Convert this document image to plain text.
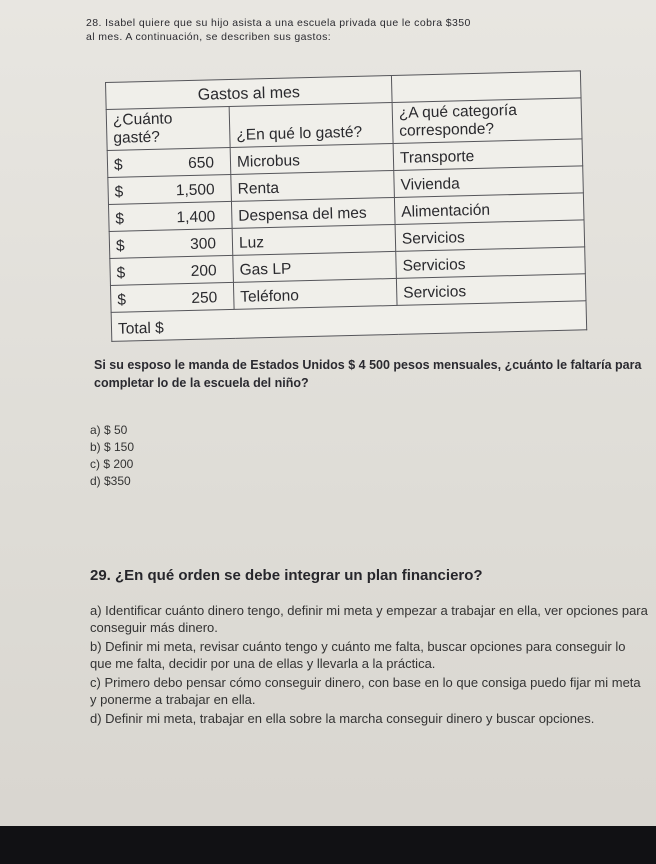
28. Isabel quiere que su hijo asista a una escuela privada que le cobra $350
al mes. A continuación, se describen sus gastos:
Gastos al mes		
¿Cuánto gasté?	¿En qué lo gasté?	¿A qué categoría corresponde?
$ 650	Microbus	Transporte
$ 1,500	Renta	Vivienda
$ 1,400	Despensa del mes	Alimentación
$ 300	Luz	Servicios
$ 200	Gas LP	Servicios
$ 250	Teléfono	Servicios
Total $		
Si su esposo le manda de Estados Unidos $ 4 500 pesos mensuales, ¿cuánto le faltaría para completar lo de la escuela del niño?
a) $ 50
b) $ 150
c) $ 200
d) $350
29. ¿En qué orden se debe integrar un plan financiero?
a) Identificar cuánto dinero tengo, definir mi meta y empezar a trabajar en ella, ver opciones para conseguir más dinero.
b) Definir mi meta, revisar cuánto tengo y cuánto me falta, buscar opciones para conseguir lo que me falta, decidir por una de ellas y llevarla a la práctica.
c) Primero debo pensar cómo conseguir dinero, con base en lo que consiga puedo fijar mi meta y ponerme a trabajar en ella.
d) Definir mi meta, trabajar en ella sobre la marcha conseguir dinero y buscar opciones.
